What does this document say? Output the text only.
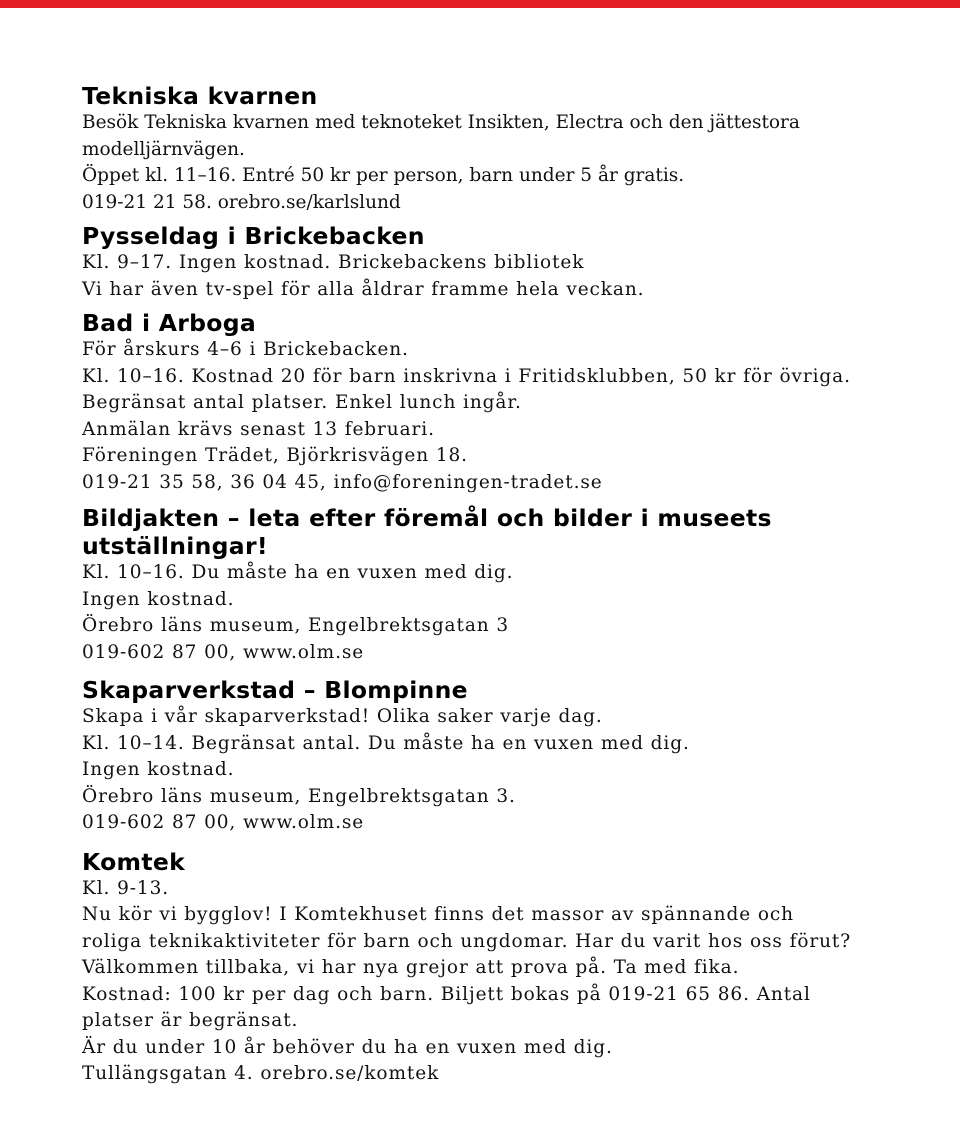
Tekniska kvarnen

Besök Tekniska kvarnen med teknoteket Insikten, Electra och den jättestora

modelljärnvägen.

Öppet kl. 11–16. Entré 50 kr per person, barn under 5 år gratis.

019-21 21 58. orebro.se/karlslund

Pysseldag i Brickebacken

Kl. 9–17. Ingen kostnad. Brickebackens bibliotek

Vi har även tv-spel för alla åldrar framme hela veckan.

Bad i Arboga

För årskurs 4–6 i Brickebacken.

Kl. 10–16. Kostnad 20 för barn inskrivna i Fritidsklubben, 50 kr för övriga.

Begränsat antal platser. Enkel lunch ingår.

Anmälan krävs senast 13 februari.

Föreningen Trädet, Björkrisvägen 18.

019-21 35 58, 36 04 45, info@foreningen-tradet.se

Bildjakten – leta efter föremål och bilder i museets
utställningar!

Kl. 10–16. Du måste ha en vuxen med dig.

Ingen kostnad.

Örebro läns museum, Engelbrektsgatan 3

019-602 87 00, www.olm.se

Skaparverkstad – Blompinne

Skapa i vår skaparverkstad! Olika saker varje dag.

Kl. 10–14. Begränsat antal. Du måste ha en vuxen med dig.

Ingen kostnad.

Örebro läns museum, Engelbrektsgatan 3.

019-602 87 00, www.olm.se

Komtek

Kl. 9-13.

Nu kör vi bygglov! I Komtekhuset finns det massor av spännande och

roliga teknikaktiviteter för barn och ungdomar. Har du varit hos oss förut?

Välkommen tillbaka, vi har nya grejor att prova på. Ta med fika.

Kostnad: 100 kr per dag och barn. Biljett bokas på 019-21 65 86. Antal

platser är begränsat.

Är du under 10 år behöver du ha en vuxen med dig.

Tullängsgatan 4. orebro.se/komtek
